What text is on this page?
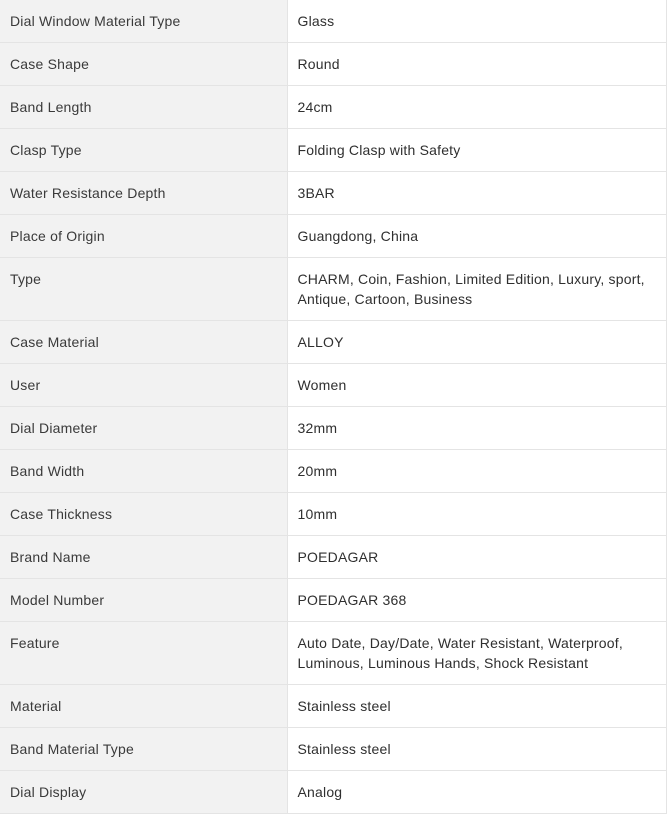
Dial Window Material Type	Glass
Case Shape	Round
Band Length	24cm
Clasp Type	Folding Clasp with Safety
Water Resistance Depth	3BAR
Place of Origin	Guangdong, China
Type	CHARM, Coin, Fashion, Limited Edition, Luxury, sport, Antique, Cartoon, Business
Case Material	ALLOY
User	Women
Dial Diameter	32mm
Band Width	20mm
Case Thickness	10mm
Brand Name	POEDAGAR
Model Number	POEDAGAR 368
Feature	Auto Date, Day/Date, Water Resistant, Waterproof, Luminous, Luminous Hands, Shock Resistant
Material	Stainless steel
Band Material Type	Stainless steel
Dial Display	Analog
